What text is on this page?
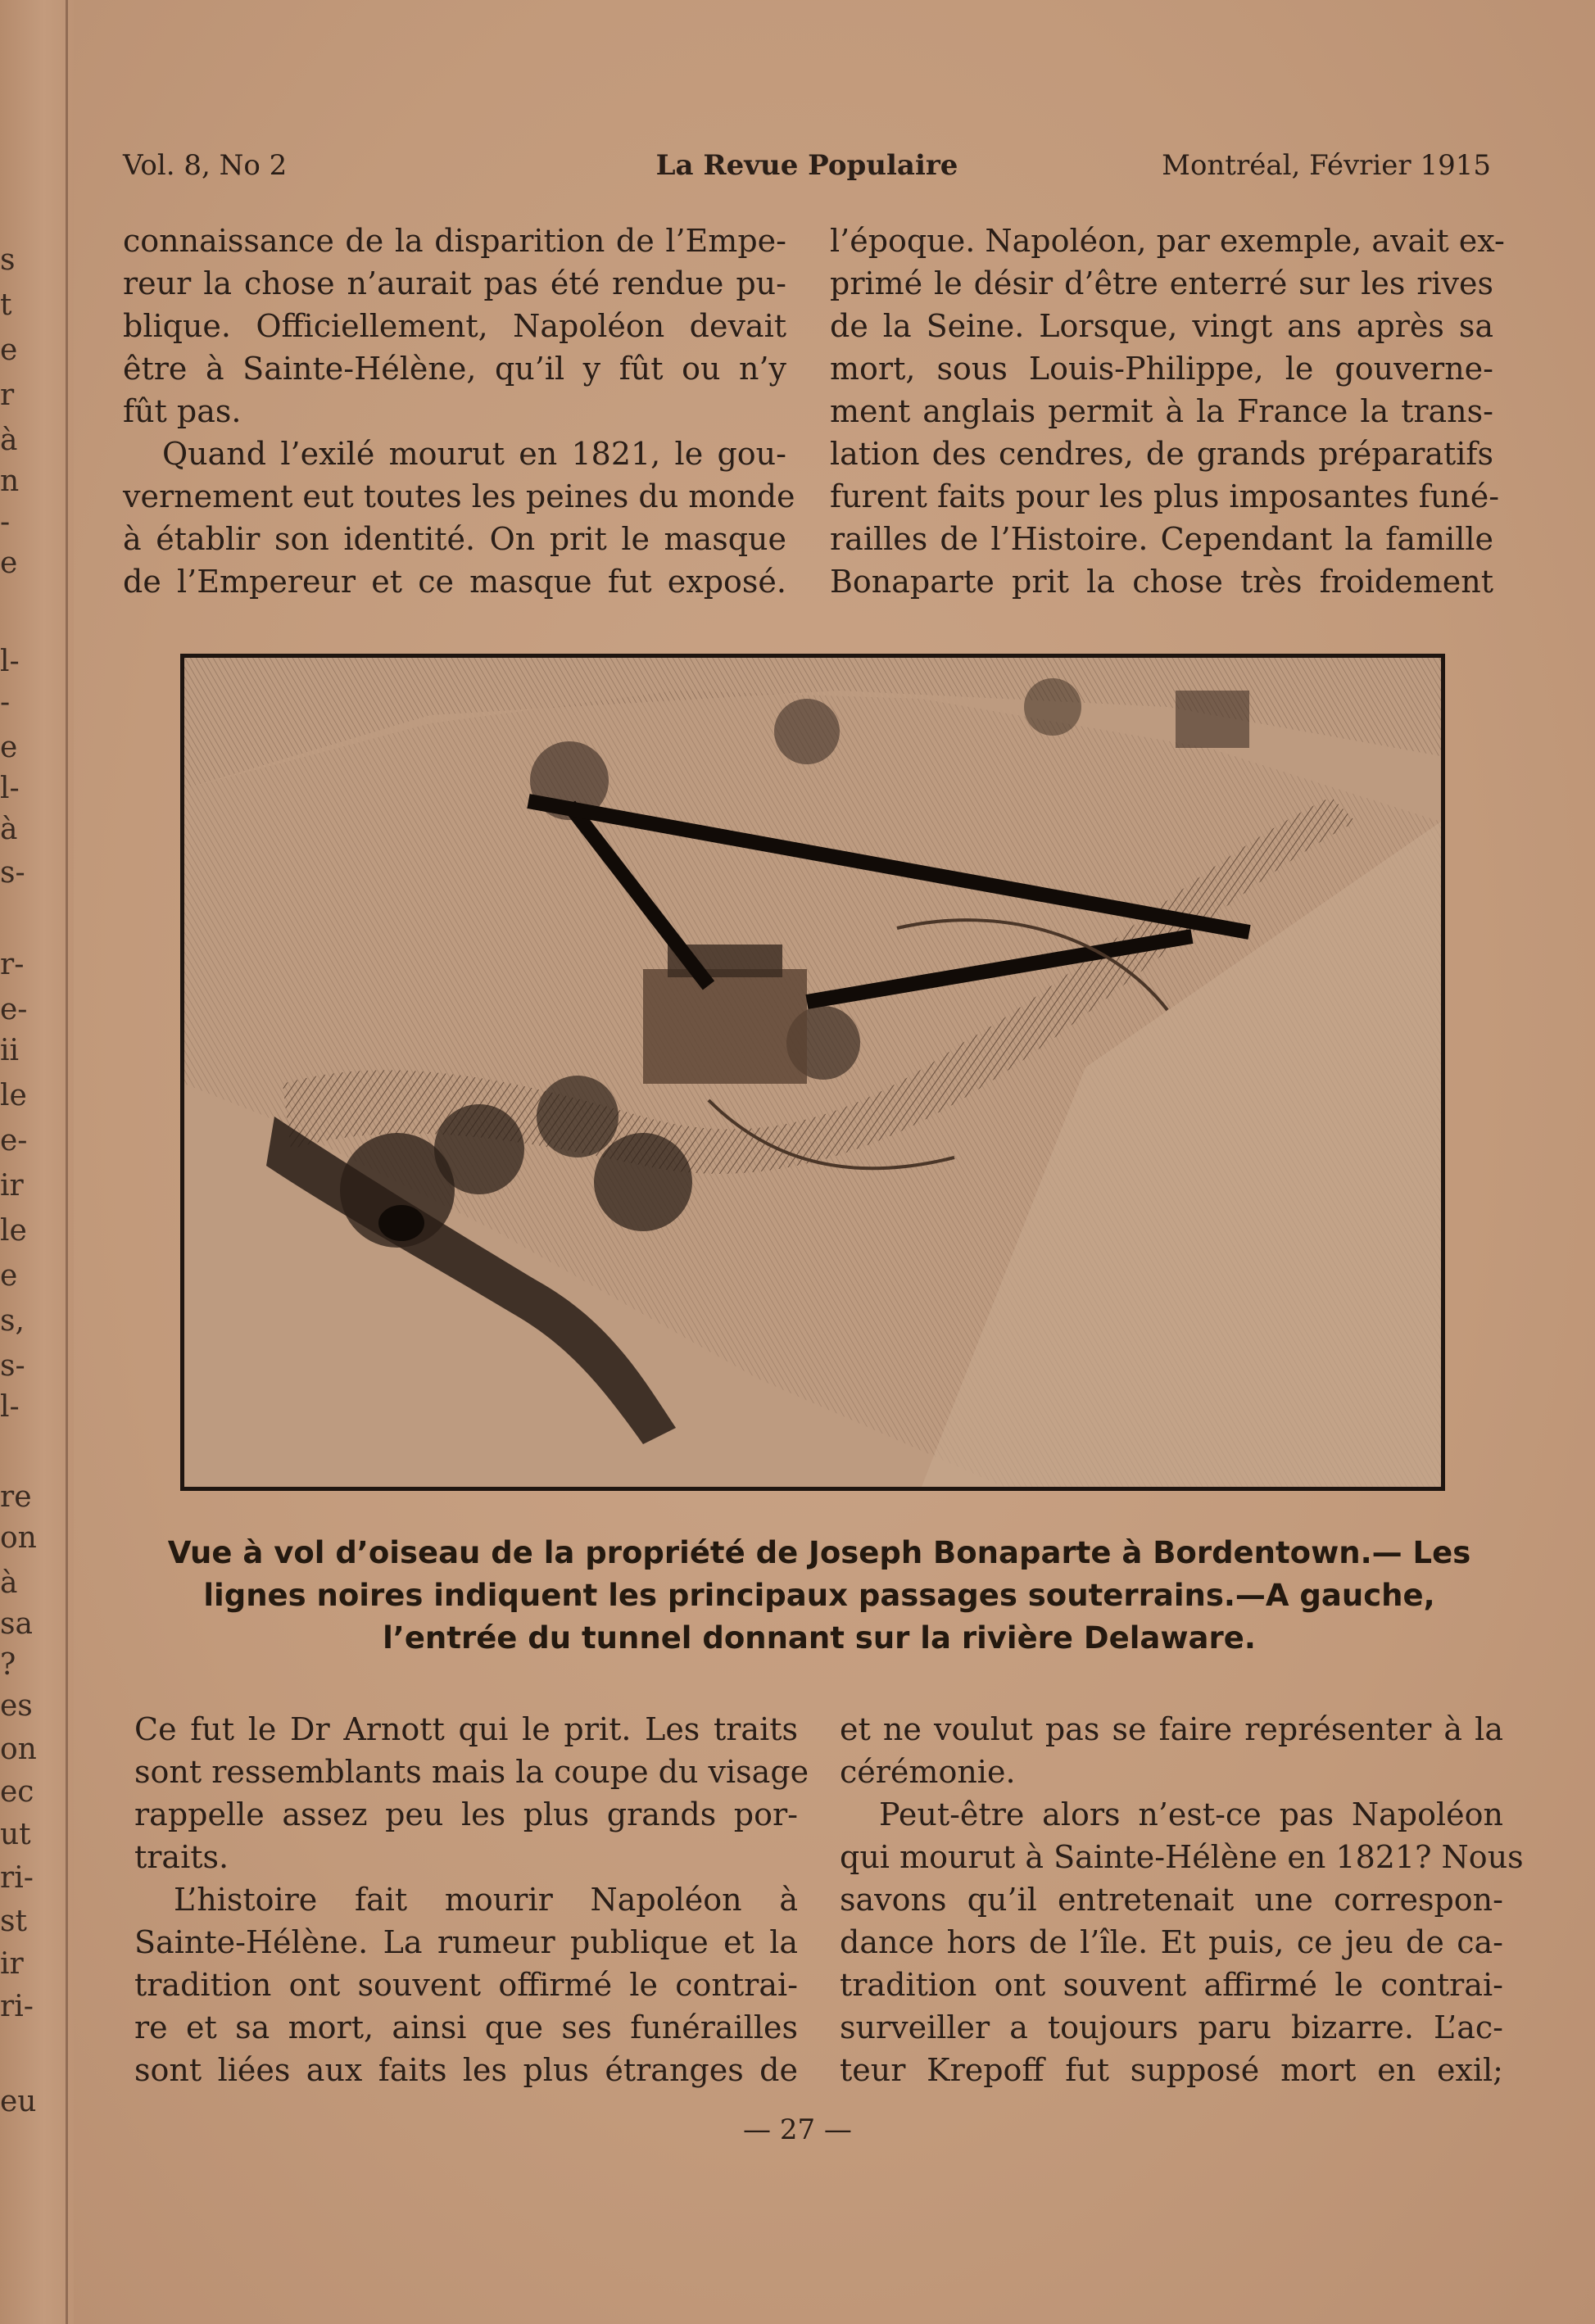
s
t
e
r
à
n
-
e
l-
-
e
l-
à
s-
r-
e-
ii
le
e-
ir
le
e
s,
s-
l-
re
on
à
sa
?
es
on
ec
ut
ri-
st
ir
ri-
eu
Vol. 8, No 2	La Revue Populaire	Montréal, Février 1915
connaissance de la disparition de l’Empe-
reur la chose n’aurait pas été rendue pu-
blique. Officiellement, Napoléon devait
être à Sainte-Hélène, qu’il y fût ou n’y
fût pas.
Quand l’exilé mourut en 1821, le gou-
vernement eut toutes les peines du monde
à établir son identité. On prit le masque
de l’Empereur et ce masque fut exposé.
l’époque. Napoléon, par exemple, avait ex-
primé le désir d’être enterré sur les rives
de la Seine. Lorsque, vingt ans après sa
mort, sous Louis-Philippe, le gouverne-
ment anglais permit à la France la trans-
lation des cendres, de grands préparatifs
furent faits pour les plus imposantes funé-
railles de l’Histoire. Cependant la famille
Bonaparte prit la chose très froidement
Vue à vol d’oiseau de la propriété de Joseph Bonaparte à Bordentown.— Les
lignes noires indiquent les principaux passages souterrains.—A gauche,
l’entrée du tunnel donnant sur la rivière Delaware.
Ce fut le Dr Arnott qui le prit. Les traits
sont ressemblants mais la coupe du visage
rappelle assez peu les plus grands por-
traits.
L’histoire fait mourir Napoléon à
Sainte-Hélène. La rumeur publique et la
tradition ont souvent offirmé le contrai-
re et sa mort, ainsi que ses funérailles
sont liées aux faits les plus étranges de
et ne voulut pas se faire représenter à la
cérémonie.
Peut-être alors n’est-ce pas Napoléon
qui mourut à Sainte-Hélène en 1821? Nous
savons qu’il entretenait une correspon-
dance hors de l’île. Et puis, ce jeu de ca-
tradition ont souvent affirmé le contrai-
surveiller a toujours paru bizarre. L’ac-
teur Krepoff fut supposé mort en exil;
— 27 —
